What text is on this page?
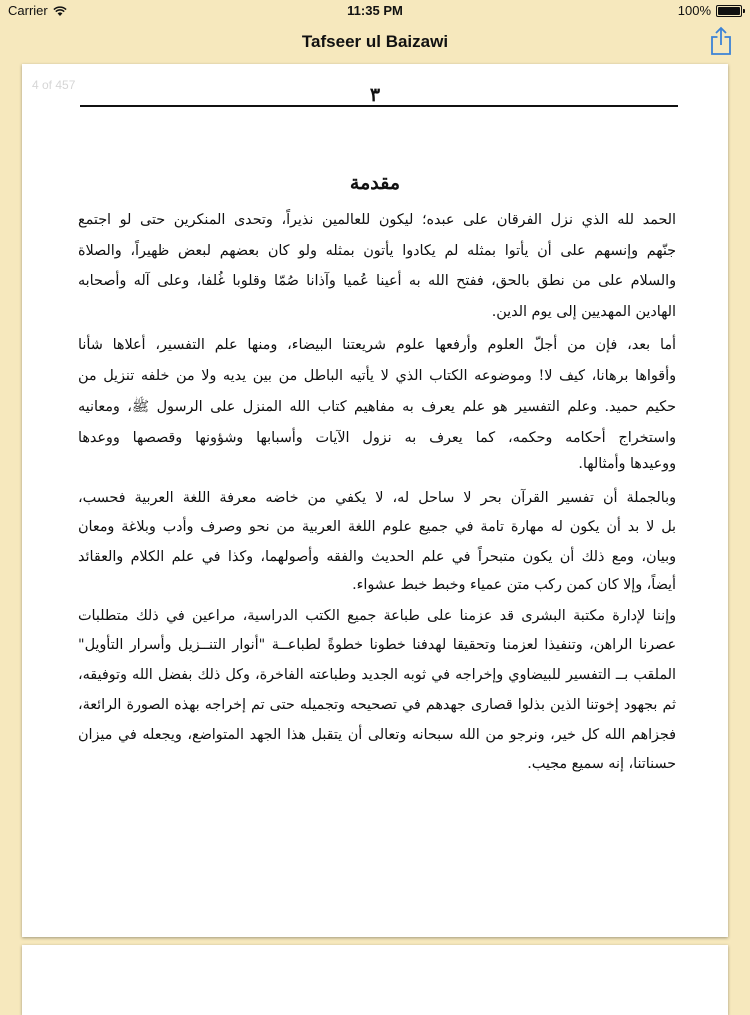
Carrier	11:35 PM	100%
Tafseer ul Baizawi
4 of 457	٣
مقدمة
الحمد لله الذي نزل الفرقان على عبده؛ ليكون للعالمين نذيراً، وتحدى المنكرين حتى لو اجتمع
جنّهم وإنسهم على أن يأتوا بمثله لم يكادوا يأتون بمثله ولو كان بعضهم لبعض ظهيراً، والصلاة
والسلام على من نطق بالحق، ففتح الله به أعينا عُميا وآذانا صُمّا وقلوبا غُلفا، وعلى آله وأصحابه
الهادين المهديين إلى يوم الدين.
أما بعد، فإن من أجلّ العلوم وأرفعها علوم شريعتنا البيضاء، ومنها علم التفسير، أعلاها شأنا
وأقواها برهانا، كيف لا! وموضوعه الكتاب الذي لا يأتيه الباطل من بين يديه ولا من خلفه تنزيل من
حكيم حميد. وعلم التفسير هو علم يعرف به مفاهيم كتاب الله المنزل على الرسول ﷺ، ومعانيه
واستخراج أحكامه وحكمه، كما يعرف به نزول الآيات وأسبابها وشؤونها وقصصها ووعدها
ووعيدها وأمثالها.
وبالجملة أن تفسير القرآن بحر لا ساحل له، لا يكفي من خاضه معرفة اللغة العربية فحسب،
بل لا بد أن يكون له مهارة تامة في جميع علوم اللغة العربية من نحو وصرف وأدب وبلاغة ومعان
وبيان، ومع ذلك أن يكون متبحراً في علم الحديث والفقه وأصولهما، وكذا في علم الكلام والعقائد
أيضاً، وإلا كان كمن ركب متن عمياء وخبط خبط عشواء.
وإننا لإدارة مكتبة البشرى قد عزمنا على طباعة جميع الكتب الدراسية، مراعين في ذلك متطلبات
عصرنا الراهن، وتنفيذا لعزمنا وتحقيقا لهدفنا خطونا خطوةً لطباعــة "أنوار التنــزيل وأسرار التأويل"
الملقب بــ التفسير للبيضاوي وإخراجه في ثوبه الجديد وطباعته الفاخرة، وكل ذلك بفضل الله وتوفيقه،
ثم بجهود إخوتنا الذين بذلوا قصارى جهدهم في تصحيحه وتجميله حتى تم إخراجه بهذه الصورة الرائعة،
فجزاهم الله كل خير، ونرجو من الله سبحانه وتعالى أن يتقبل هذا الجهد المتواضع، ويجعله في ميزان
حسناتنا، إنه سميع مجيب.
